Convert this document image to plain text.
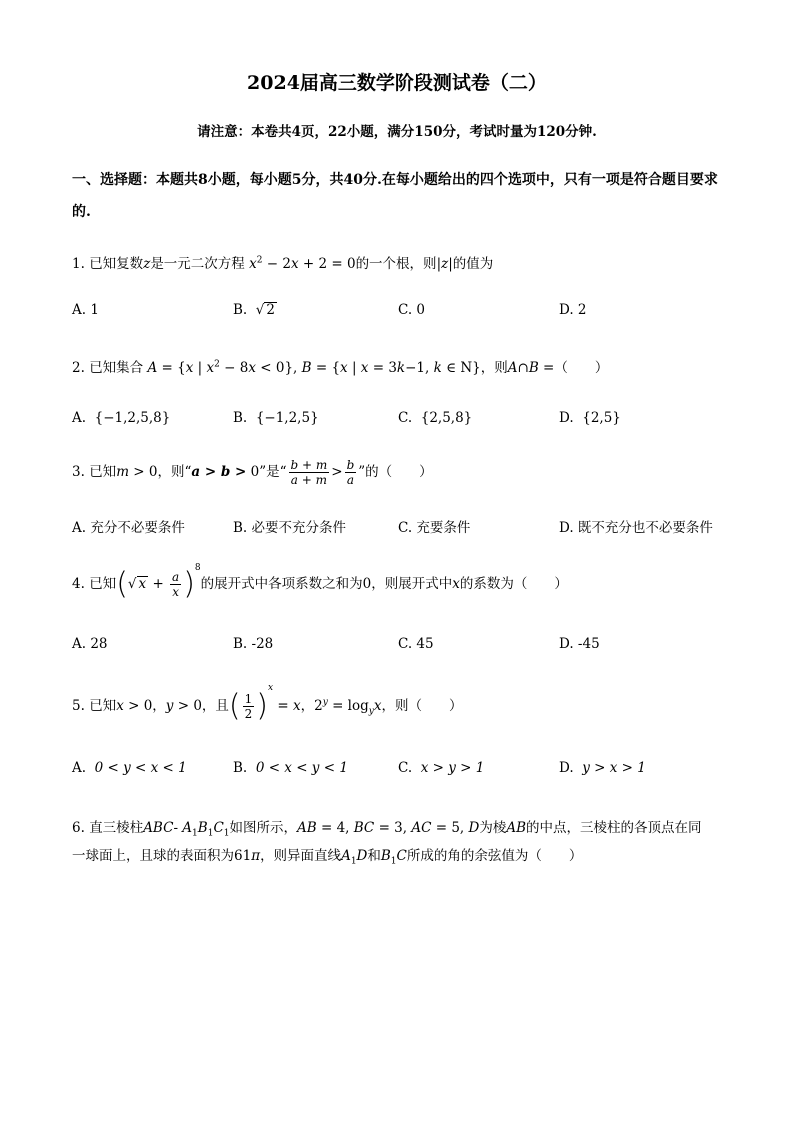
2024届高三数学阶段测试卷（二）
请注意：本卷共4页，22小题，满分150分，考试时量为120分钟.
一、选择题：本题共8小题，每小题5分，共40分.在每小题给出的四个选项中，只有一项是符合题目要求的.
1. 已知复数z是一元二次方程 $x^2 - 2x + 2 = 0$的一个根，则|z|的值为
A. 1	B.  √ 2	C. 0	D. 2
2. 已知集合 A = {x | $x^2 - 8x < 0$}, B = {x | x = 3k−1, k ∈ N}，则A∩B =（　　）
A. {−1,2,5,8}	B. {−1,2,5}	C. {2,5,8}	D. {2,5}
3. 已知m > 0，则“a > b > 0”是“ $\frac{b + m}{a + m} > \frac{b}{a}$ ”的（　　）
A. 充分不必要条件	B. 必要不充分条件	C. 充要条件	D. 既不充分也不必要条件
4. 已知(√ $x + \frac{a}{x} )^8$的展开式中各项系数之和为0，则展开式中x的系数为（　　）
A. 28	B. -28	C. 45	D. -45
5. 已知x > 0，y > 0，且( $\frac{1}{2} )^x = x$，$2^y = \log_yx$，则（　　）
A. 0 < y < x < 1	B. 0 < x < y < 1	C. x > y > 1	D. y > x > 1
6. 直三棱柱ABC- $A_1B_1C_1$如图所示，AB = 4, BC = 3, AC = 5, D为棱AB的中点，三棱柱的各顶点在同
一球面上，且球的表面积为61π，则异面直线$A_1D$和$B_1C$所成的角的余弦值为（　　）
